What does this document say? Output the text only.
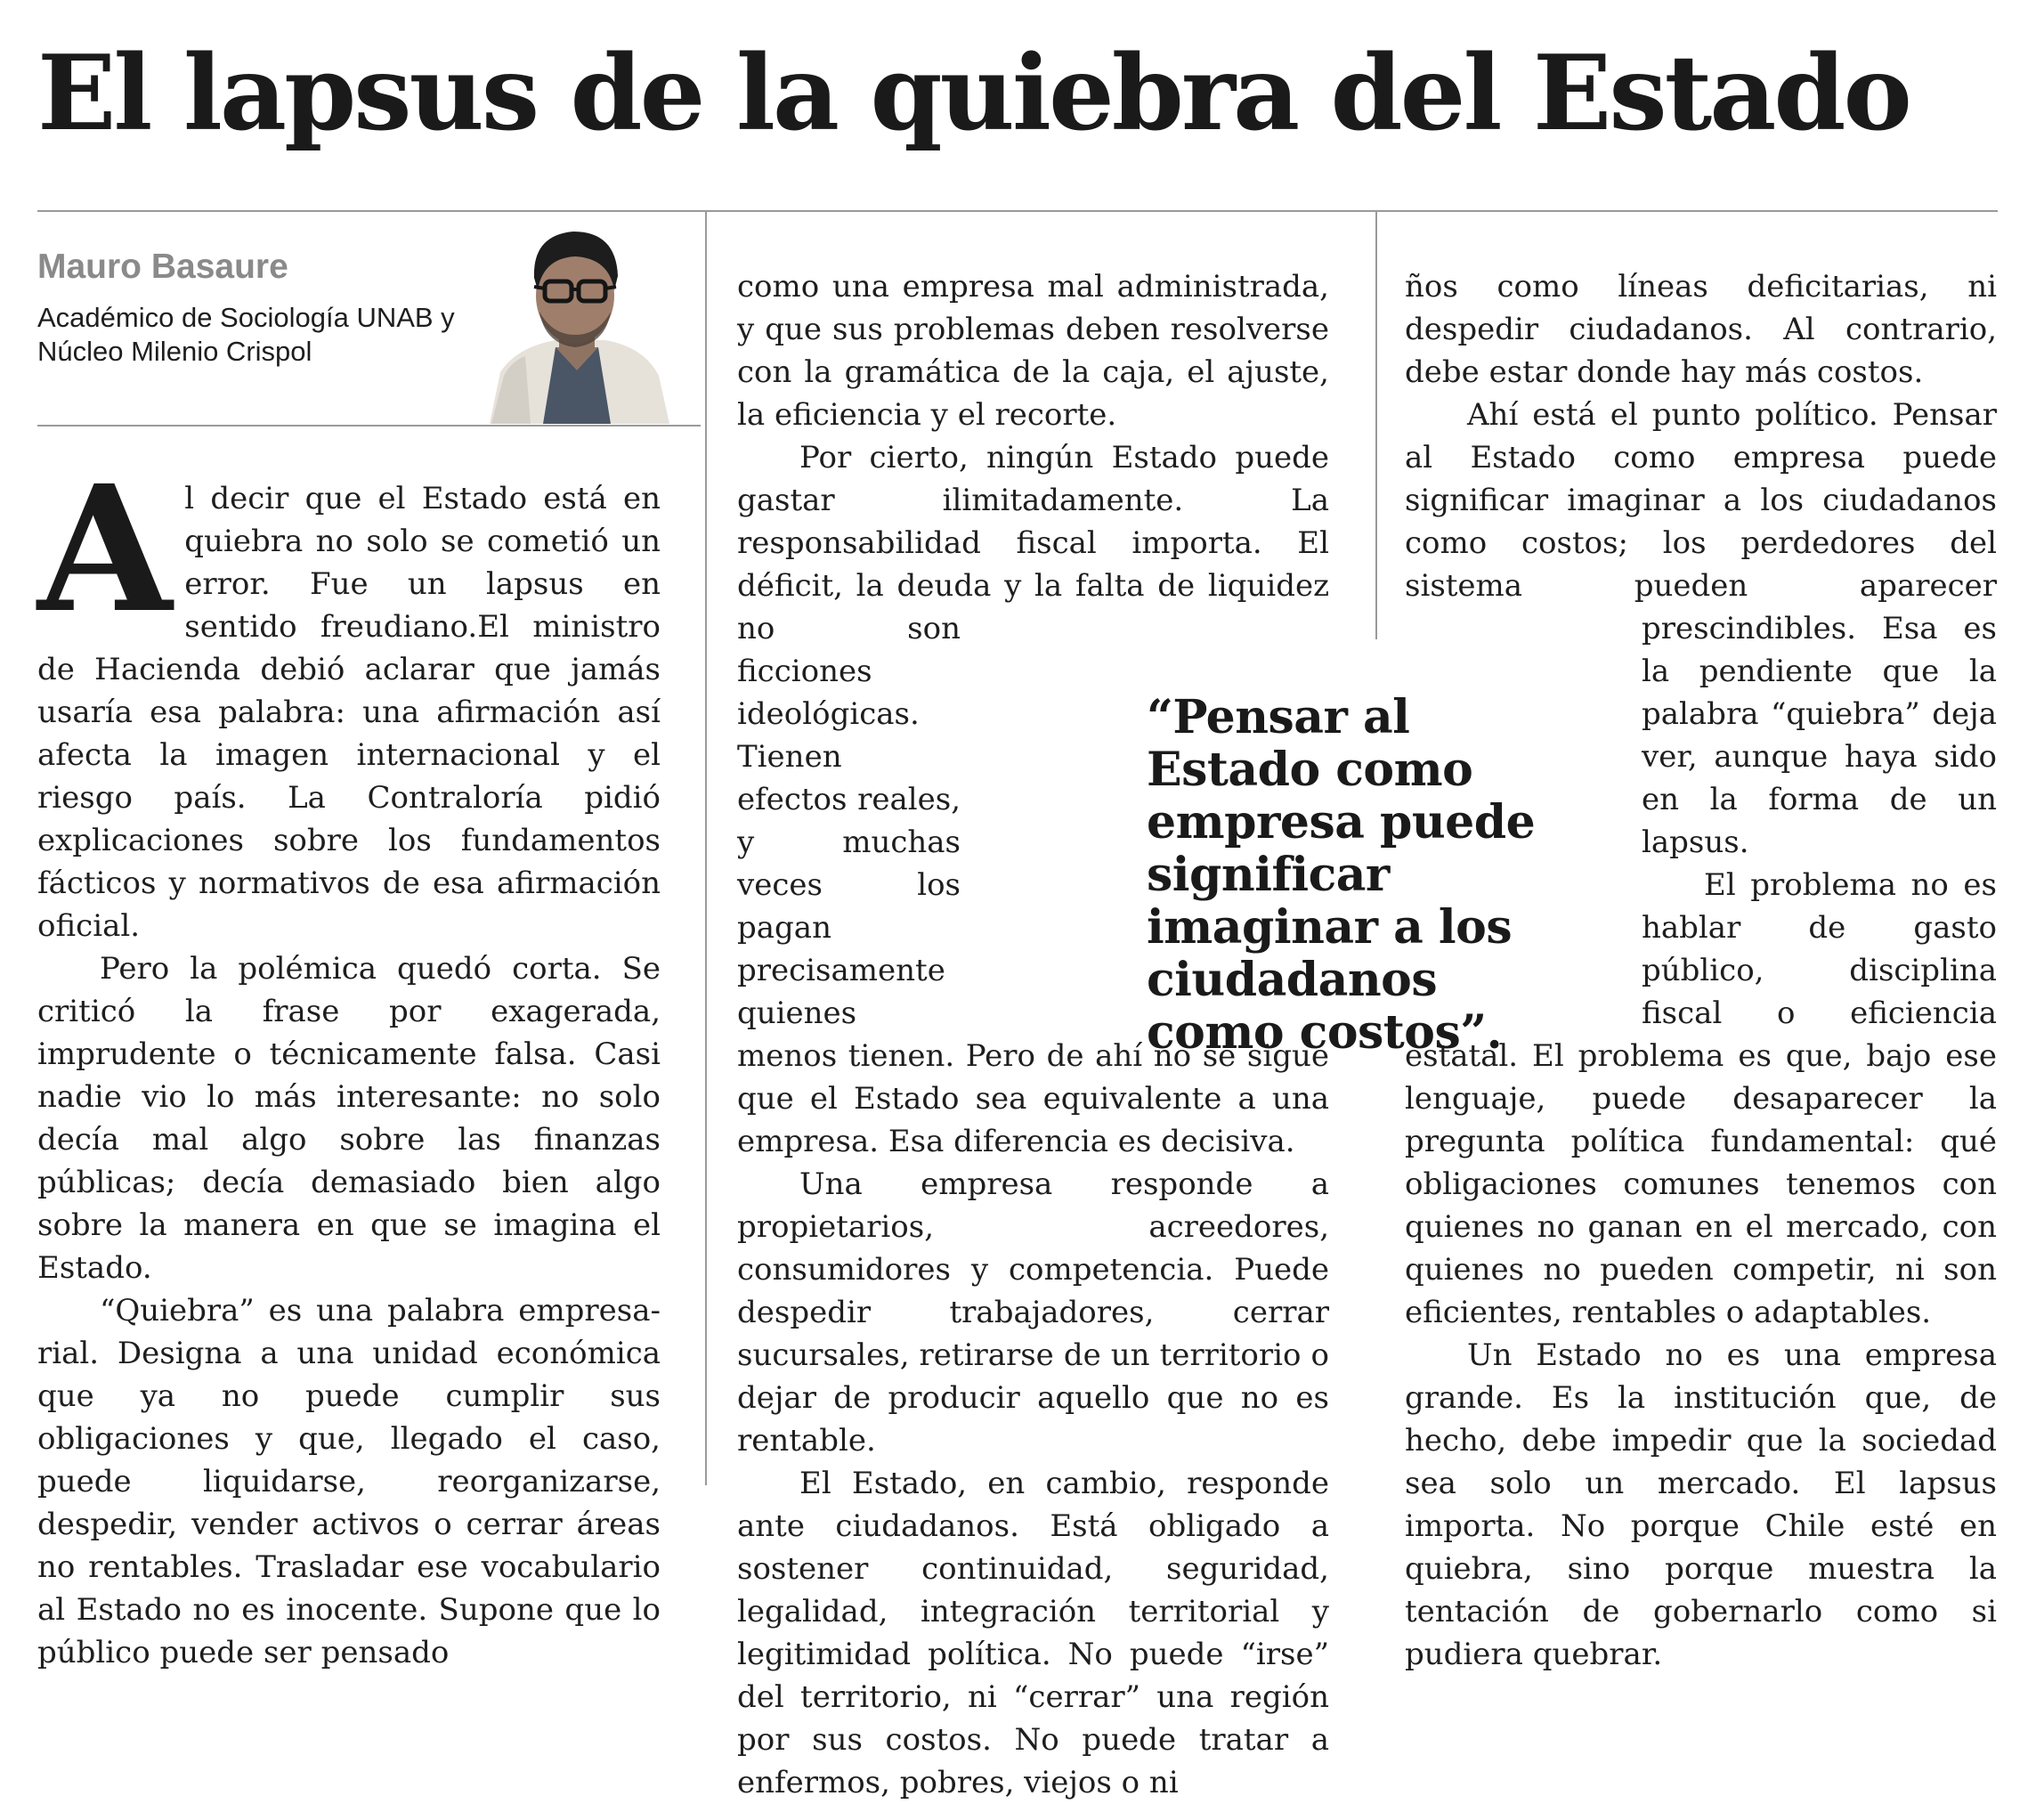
El lapsus de la quiebra del Estado
Mauro Basaure
Académico de Sociología UNAB y Núcleo Milenio Crispol

Al decir que el Estado está en quiebra no solo se cometió un error. Fue un lapsus en sentido freudiano.El ministro de Hacienda debió aclarar que jamás usaría esa palabra: una afirmación así afecta la imagen internacional y el riesgo país. La Contraloría pidió explicaciones sobre los fundamentos fácticos y normativos de esa afirmación oficial.

Pero la polémica quedó corta. Se criticó la frase por exagerada, imprudente o técnicamente falsa. Casi nadie vio lo más interesante: no solo decía mal algo sobre las finanzas públicas; decía demasiado bien algo sobre la manera en que se imagina el Estado.

“Quiebra” es una palabra empresarial. Designa a una unidad económica que ya no puede cumplir sus obligaciones y que, llegado el caso, puede liquidarse, reorganizarse, despedir, vender activos o cerrar áreas no rentables. Trasladar ese vocabulario al Estado no es inocente. Supone que lo público puede ser pensado

como una empresa mal administrada, y que sus problemas deben resolverse con la gramática de la caja, el ajuste, la eficiencia y el recorte.

Por cierto, ningún Estado puede gastar ilimitadamente. La responsabilidad fiscal importa. El déficit, la deuda y la falta de liquidez no son ficciones ideológicas. Tienen efectos reales, y muchas veces los pagan precisamente quienes menos tienen. Pero de ahí no se sigue que el Estado sea equivalente a una empresa. Esa diferencia es decisiva.

Una empresa responde a propietarios, acreedores, consumidores y competencia. Puede despedir trabajadores, cerrar sucursales, retirarse de un territorio o dejar de producir aquello que no es rentable.

El Estado, en cambio, responde ante ciudadanos. Está obligado a sostener continuidad, seguridad, legalidad, integración territorial y legitimidad política. No puede “irse” del territorio, ni “cerrar” una región por sus costos. No puede tratar a enfermos, pobres, viejos o ni

ños como líneas deficitarias, ni despedir ciudadanos. Al contrario, debe estar donde hay más costos.

Ahí está el punto político. Pensar al Estado como empresa puede significar imaginar a los ciudadanos como costos; los perdedores del sistema pueden aparecer prescindibles. Esa es la pendiente que la palabra “quiebra” deja ver, aunque haya sido en la forma de un lapsus.

El problema no es hablar de gasto público, disciplina fiscal o eficiencia estatal. El problema es que, bajo ese lenguaje, puede desaparecer la pregunta política fundamental: qué obligaciones comunes tenemos con quienes no ganan en el mercado, con quienes no pueden competir, ni son eficientes, rentables o adaptables.

Un Estado no es una empresa grande. Es la institución que, de hecho, debe impedir que la sociedad sea solo un mercado. El lapsus importa. No porque Chile esté en quiebra, sino porque muestra la tentación de gobernarlo como si pudiera quebrar.

“Pensar al Estado como empresa puede significar imaginar a los ciudadanos como costos”.
